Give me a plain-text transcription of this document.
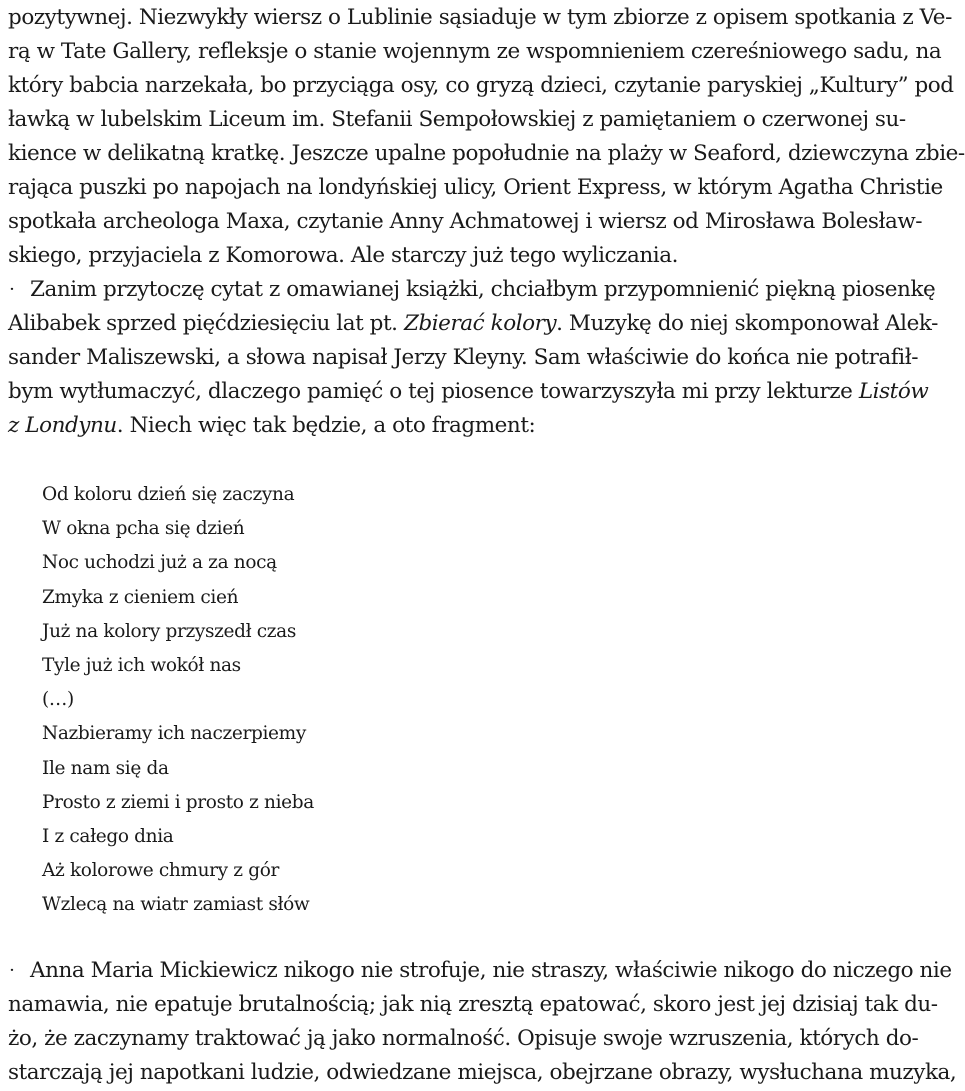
pozytywnej. Niezwykły wiersz o Lublinie sąsiaduje w tym zbiorze z opisem spotkania z Ve-
rą w Tate Gallery, refleksje o stanie wojennym ze wspomnieniem czereśniowego sadu, na
który babcia narzekała, bo przyciąga osy, co gryzą dzieci, czytanie paryskiej „Kultury” pod
ławką w lubelskim Liceum im. Stefanii Sempołowskiej z pamiętaniem o czerwonej su-
kience w delikatną kratkę. Jeszcze upalne popołudnie na plaży w Seaford, dziewczyna zbie-
rająca puszki po napojach na londyńskiej ulicy, Orient Express, w którym Agatha Christie
spotkała archeologa Maxa, czytanie Anny Achmatowej i wiersz od Mirosława Bolesław-
skiego, przyjaciela z Komorowa. Ale starczy już tego wyliczania.
· Zanim przytoczę cytat z omawianej książki, chciałbym przypomnienić piękną piosenkę
Alibabek sprzed pięćdziesięciu lat pt. Zbierać kolory. Muzykę do niej skomponował Alek-
sander Maliszewski, a słowa napisał Jerzy Kleyny. Sam właściwie do końca nie potrafił-
bym wytłumaczyć, dlaczego pamięć o tej piosence towarzyszyła mi przy lekturze Listów
z Londynu. Niech więc tak będzie, a oto fragment:
Od koloru dzień się zaczyna
W okna pcha się dzień
Noc uchodzi już a za nocą
Zmyka z cieniem cień
Już na kolory przyszedł czas
Tyle już ich wokół nas
(…)
Nazbieramy ich naczerpiemy
Ile nam się da
Prosto z ziemi i prosto z nieba
I z całego dnia
Aż kolorowe chmury z gór
Wzlecą na wiatr zamiast słów
· Anna Maria Mickiewicz nikogo nie strofuje, nie straszy, właściwie nikogo do niczego nie
namawia, nie epatuje brutalnością; jak nią zresztą epatować, skoro jest jej dzisiaj tak du-
żo, że zaczynamy traktować ją jako normalność. Opisuje swoje wzruszenia, których do-
starczają jej napotkani ludzie, odwiedzane miejsca, obejrzane obrazy, wysłuchana muzyka,
